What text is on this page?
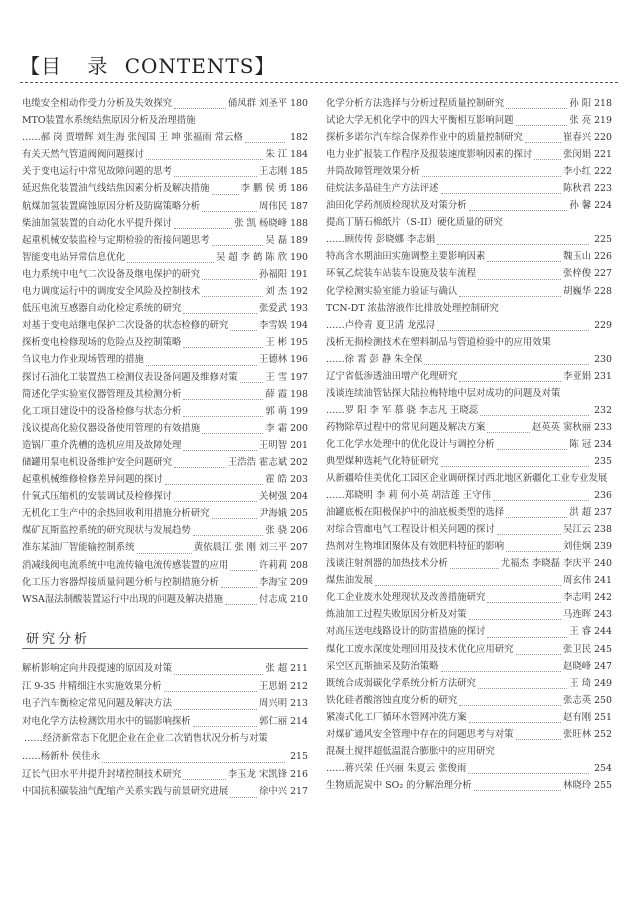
【目 录 CONTENTS】
电缆安全相动作受力分析及失效探究	俑凤群 刘圣平 180
MTO装置水系统结焦原因分析及治理措施
……郝 岗 贾增辉 刘生海 张闯国 王 坤 张福雨 常云格	182
有关天然气管道阀阀问题探讨	朱 江 184
关于变电运行中常见故障问题的思考	王志刚 185
延迟焦化装置油气线结焦因素分析及解决措施	李 鹏 侯 勇 186
航煤加氢装置腐蚀原因分析及防腐策略分析	周伟民 187
柴油加氢装置的自动化水平提升探讨	张 凯 杨晓峰 188
起重机械安装监检与定期检验的衔接问题思考	吴 磊 189
智能变电站异常信息优化	吴 超 李 鹤 陈 欣 190
电力系统中电气二次设备及继电保护的研究	孙福阳 191
电力调度运行中的调度安全风险及控制技术	刘 杰 192
低压电流互感器自动化检定系统的研究	张爱武 193
对基于变电站继电保护二次设备的状态检修的研究	李雪娱 194
探析变电检修现场的危险点及控制策略	王 彬 195
刍议电力作业现场管理的措施	王德林 196
探讨石油化工装置热工检测仪表设备问题及维修对策	王 雪 197
简述化学实验室仪器管理及其检测分析	薛 霞 198
化工项目建设中的设备检修与状态分析	郭 萌 199
浅议提高化验仪器设备使用管理的有效措施	李 霜 200
造锅厂重介洗槽的选机应用及故障处理	王明智 201
储罐用泵电机设备维护安全问题研究	王浩浩 霍志斌 202
起重机械维修检修差异问题的探讨	霍 皓 203
什氧式压缩机的安装调试及检修探讨	关树强 204
无机化工生产中的余热回收利用措施分析研究	尹海娥 205
煤矿瓦斯监控系统的研究现状与发展趋势	张 骁 206
准东某油厂智能输控制系统	黄依晨江 张 刚 刘三平 207
消减线阀电流系统中电流传输电流传感装置的应用	许莉莉 208
化工压力容器焊接质量问题分析与控制措施分析	李海宝 209
WSA湿法制酸装置运行中出现的问题及解决措施	付志成 210
研究分析
解析影响定向井段提速的原因及对策	张 超 211
江 9-35 井精细注水实施效果分析	王思娟 212
电子汽车衡检定常见问题及解决方法	周兴明 213
对电化学方法检测饮用水中的镉影响探析	郭仁丽 214
……经济新常态下化肥企业在企业二次销售状况分析与对策
……杨新朴 侯佳永	215
辽长气田水平井提升封堵控制技术研究	李玉龙 宋凯锋 216
中国抗积碳装油气配缩产关系实践与前景研究进展	徐中兴 217
化学分析方法选择与分析过程质量控制研究	孙 阳 218
试论大学无机化学中的四大平衡相互影响问题	张 亮 219
探析多诺尔汽车综合保养作业中的质量控制研究	崔春兴 220
电力业扩报装工作程序及报装速度影响因素的探讨	张闵娟 221
井筒故障管理效果分析	李小红 222
硅烷法多晶硅生产方法评述	陈秋君 223
油田化学药剂质检现状及对策分析	孙 馨 224
提高丁腈石棉纸片（S-II）硬化质量的研究
……顾传传 彭晓娜 李志娟	225
特高含水期油田实施调整主要影响因素	魏玉山 226
环氧乙烷装车站装车设施及装车流程	张梓俊 227
化学检测实验室能力验证与确认	胡巍华 228
TCN-DT 浓盐溶液作比排放处理控制研究
……卢伶青 夏卫清 龙泓浔	229
浅析无损检测技术在塑料制品与管道检验中的应用效果
……徐 霄 彭 静 朱全保	230
辽宁省低渗透油田增产化理研究	李亚娟 231
浅谈连续油管钻探大陆拉梅特地中层对成功的问题及对策
……罗 阳 李 军 慕 骁 李志凡 王晓蕊	232
药物除草过程中的常见问题及解决方案	赵英英 窦秋丽 233
化工化学水处理中的优化设计与调控分析	陈 冠 234
典型煤种选耗气化特征研究	235
从新疆哈佳美优化工园区企业调研探讨西北地区新疆化工业专业发展
……郑晓明 李 莉 何小英 胡洁莲 王守伟	236
油罐底板在阳极保护中的油底板类型的选择	洪 超 237
对综合管廊电气工程设计相关问题的探讨	吴江云 238
热剂对生物堆团聚体及有效肥料特征的影响	刘佳炯 239
浅谈注射剂器的加热技术分析	尤福杰 李晓磊 李庆平 240
煤焦油发展	周玄伟 241
化工企业废水处理现状及改善措施研究	李志明 242
炼油加工过程失败原因分析及对策	马连晖 243
对高压送电线路设计的防雷措施的探讨	王 睿 244
煤化工废水深度处理回用及技术优化应用研究	张卫民 245
采空区瓦斯抽采及防治策略	赵晓峰 247
既统合成弱碳化学系统分析方法研究	王 琦 249
铁化硅者酸溶蚀直度分析的研究	张志英 250
紧凑式化工厂循环水管网冲洗方案	赵有刚 251
对煤矿通风安全管理中存在的问题思考与对策	张旺林 252
混凝土搅拌超低温混合膨胀中的应用研究
……蒋兴荣 任兴丽 朱夏云 张俊雨	254
生物质泥炭中 SO₂ 的分解治理分析	林晓玲 255
